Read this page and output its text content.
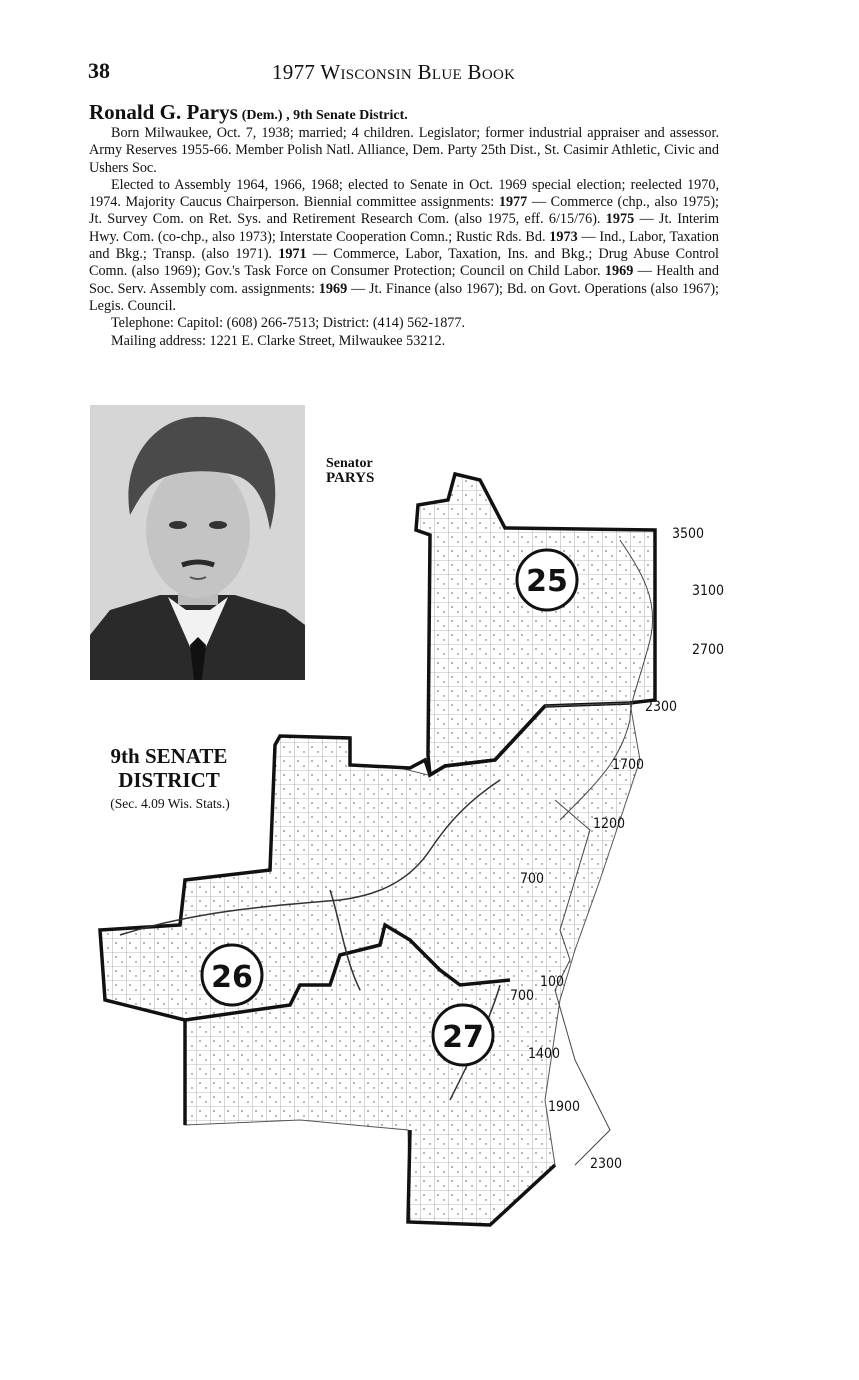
38	1977 Wisconsin Blue Book

Ronald G. Parys (Dem.) , 9th Senate District.

Born Milwaukee, Oct. 7, 1938; married; 4 children. Legislator; former industrial appraiser and assessor. Army Reserves 1955-66. Member Polish Natl. Alliance, Dem. Party 25th Dist., St. Casimir Athletic, Civic and Ushers Soc.

Elected to Assembly 1964, 1966, 1968; elected to Senate in Oct. 1969 special election; reelected 1970, 1974. Majority Caucus Chairperson. Biennial committee assignments: 1977 — Commerce (chp., also 1975); Jt. Survey Com. on Ret. Sys. and Retirement Research Com. (also 1975, eff. 6/15/76). 1975 — Jt. Interim Hwy. Com. (co-chp., also 1973); Interstate Cooperation Comn.; Rustic Rds. Bd. 1973 — Ind., Labor, Taxation and Bkg.; Transp. (also 1971). 1971 — Commerce, Labor, Taxation, Ins. and Bkg.; Drug Abuse Control Comn. (also 1969); Gov.'s Task Force on Consumer Protection; Council on Child Labor. 1969 — Health and Soc. Serv. Assembly com. assignments: 1969 — Jt. Finance (also 1967); Bd. on Govt. Operations (also 1967); Legis. Council.

Telephone: Capitol: (608) 266-7513; District: (414) 562-1877.

Mailing address: 1221 E. Clarke Street, Milwaukee 53212.

Senator
PARYS
9th SENATE
DISTRICT
(Sec. 4.09 Wis. Stats.)
25
26
27
3500
3100
2700
2300
1700
1200
700
100
700
1400
1900
2300
